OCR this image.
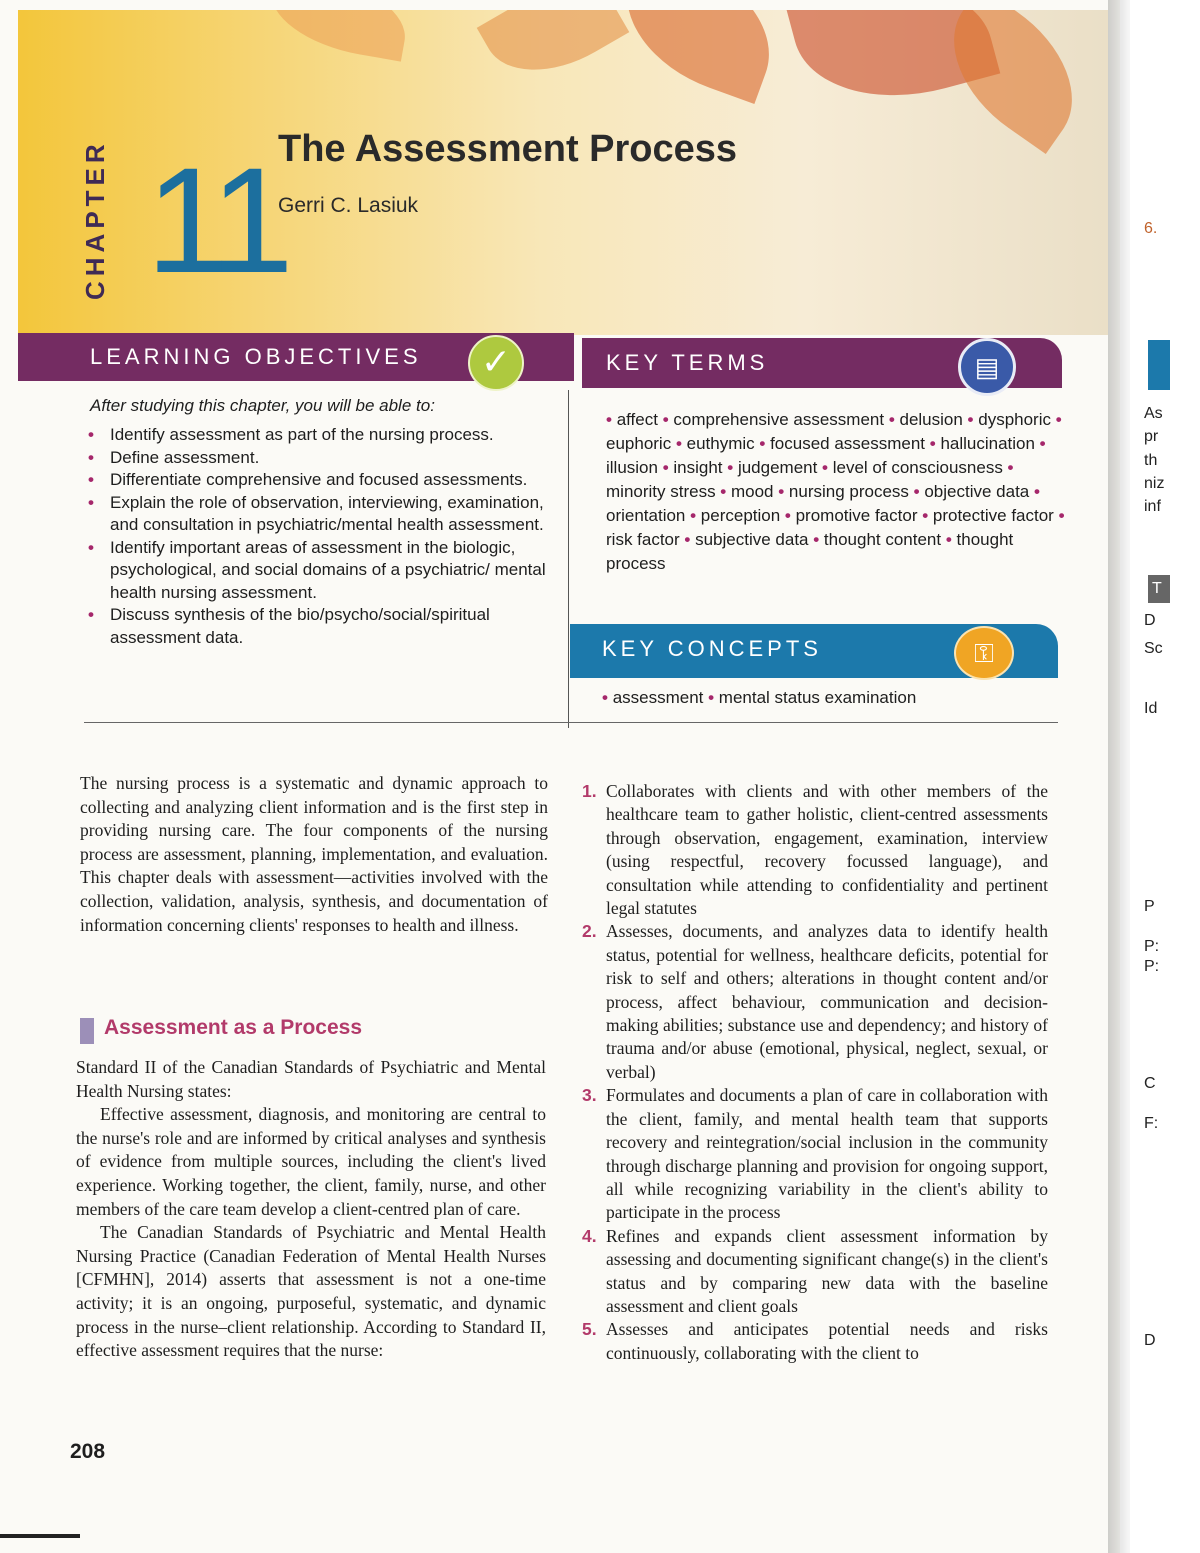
CHAPTER 11
The Assessment Process
Gerri C. Lasiuk
LEARNING OBJECTIVES	✓	KEY TERMS	▤
After studying this chapter, you will be able to:
• Identify assessment as part of the nursing process.
• Define assessment.
• Differentiate comprehensive and focused assessments.
• Explain the role of observation, interviewing, examination, and consultation in psychiatric/mental health assessment.
• Identify important areas of assessment in the biologic, psychological, and social domains of a psychiatric/ mental health nursing assessment.
• Discuss synthesis of the bio/psycho/social/spiritual assessment data.
• affect • comprehensive assessment • delusion • dysphoric • euphoric • euthymic • focused assessment • hallucination • illusion • insight • judgement • level of consciousness • minority stress • mood • nursing process • objective data • orientation • perception • promotive factor • protective factor • risk factor • subjective data • thought content • thought process
KEY CONCEPTS	⚿
• assessment • mental status examination
The nursing process is a systematic and dynamic approach to collecting and analyzing client information and is the first step in providing nursing care. The four components of the nursing process are assessment, planning, implementation, and evaluation. This chapter deals with assessment—activities involved with the collection, validation, analysis, synthesis, and documentation of information concerning clients' responses to health and illness.
Assessment as a Process

Standard II of the Canadian Standards of Psychiatric and Mental Health Nursing states:

Effective assessment, diagnosis, and monitoring are central to the nurse's role and are informed by critical analyses and synthesis of evidence from multiple sources, including the client's lived experience. Working together, the client, family, nurse, and other members of the care team develop a client-centred plan of care.

The Canadian Standards of Psychiatric and Mental Health Nursing Practice (Canadian Federation of Mental Health Nurses [CFMHN], 2014) asserts that assessment is not a one-time activity; it is an ongoing, purposeful, systematic, and dynamic process in the nurse–client relationship. According to Standard II, effective assessment requires that the nurse:

1. Collaborates with clients and with other members of the healthcare team to gather holistic, client-centred assessments through observation, engagement, examination, interview (using respectful, recovery focussed language), and consultation while attending to confidentiality and pertinent legal statutes
2. Assesses, documents, and analyzes data to identify health status, potential for wellness, healthcare deficits, potential for risk to self and others; alterations in thought content and/or process, affect behaviour, communication and decision-making abilities; substance use and dependency; and history of trauma and/or abuse (emotional, physical, neglect, sexual, or verbal)
3. Formulates and documents a plan of care in collaboration with the client, family, and mental health team that supports recovery and reintegration/social inclusion in the community through discharge planning and provision for ongoing support, all while recognizing variability in the client's ability to participate in the process
4. Refines and expands client assessment information by assessing and documenting significant change(s) in the client's status and by comparing new data with the baseline assessment and client goals
5. Assesses and anticipates potential needs and risks continuously, collaborating with the client to
208
6.
As
pr
th
niz
inf
T
D
Sc
Id
P
P:
P:
C
F:
D
